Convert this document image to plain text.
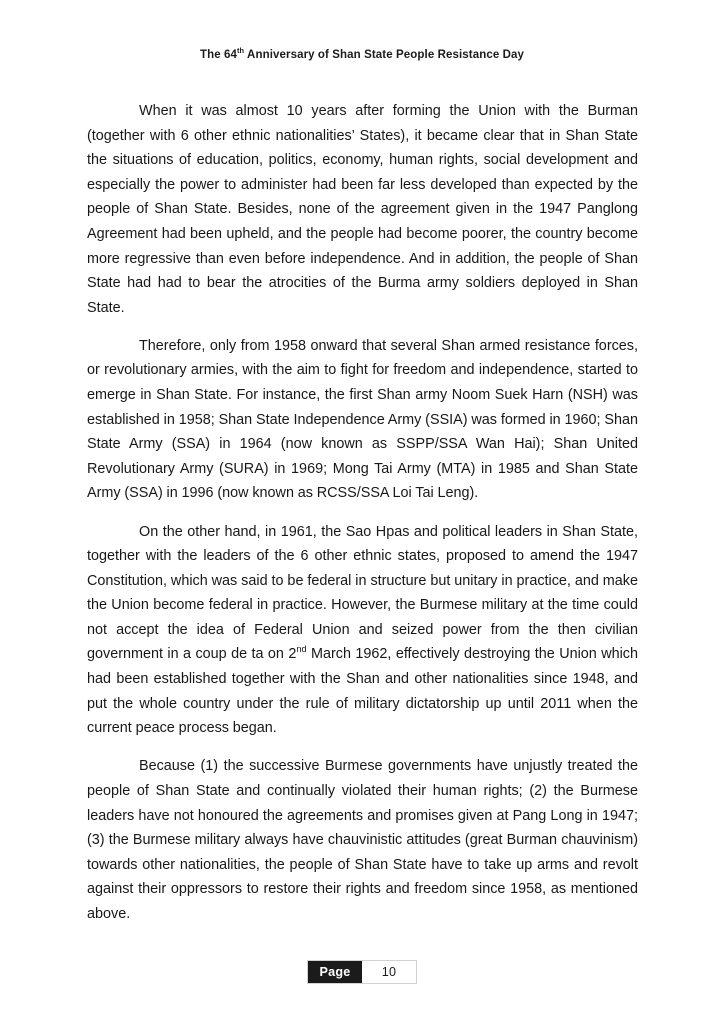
The 64th Anniversary of Shan State People Resistance Day

When it was almost 10 years after forming the Union with the Burman (together with 6 other ethnic nationalities’ States), it became clear that in Shan State the situations of education, politics, economy, human rights, social development and especially the power to administer had been far less developed than expected by the people of Shan State. Besides, none of the agreement given in the 1947 Panglong Agreement had been upheld, and the people had become poorer, the country become more regressive than even before independence. And in addition, the people of Shan State had had to bear the atrocities of the Burma army soldiers deployed in Shan State.

Therefore, only from 1958 onward that several Shan armed resistance forces, or revolutionary armies, with the aim to fight for freedom and independence, started to emerge in Shan State. For instance, the first Shan army Noom Suek Harn (NSH) was established in 1958; Shan State Independence Army (SSIA) was formed in 1960; Shan State Army (SSA) in 1964 (now known as SSPP/SSA Wan Hai); Shan United Revolutionary Army (SURA) in 1969; Mong Tai Army (MTA) in 1985 and Shan State Army (SSA) in 1996 (now known as RCSS/SSA Loi Tai Leng).

On the other hand, in 1961, the Sao Hpas and political leaders in Shan State, together with the leaders of the 6 other ethnic states, proposed to amend the 1947 Constitution, which was said to be federal in structure but unitary in practice, and make the Union become federal in practice. However, the Burmese military at the time could not accept the idea of Federal Union and seized power from the then civilian government in a coup de ta on 2nd March 1962, effectively destroying the Union which had been established together with the Shan and other nationalities since 1948, and put the whole country under the rule of military dictatorship up until 2011 when the current peace process began.

Because (1) the successive Burmese governments have unjustly treated the people of Shan State and continually violated their human rights; (2) the Burmese leaders have not honoured the agreements and promises given at Pang Long in 1947; (3) the Burmese military always have chauvinistic attitudes (great Burman chauvinism) towards other nationalities, the people of Shan State have to take up arms and revolt against their oppressors to restore their rights and freedom since 1958, as mentioned above.

Page	10
